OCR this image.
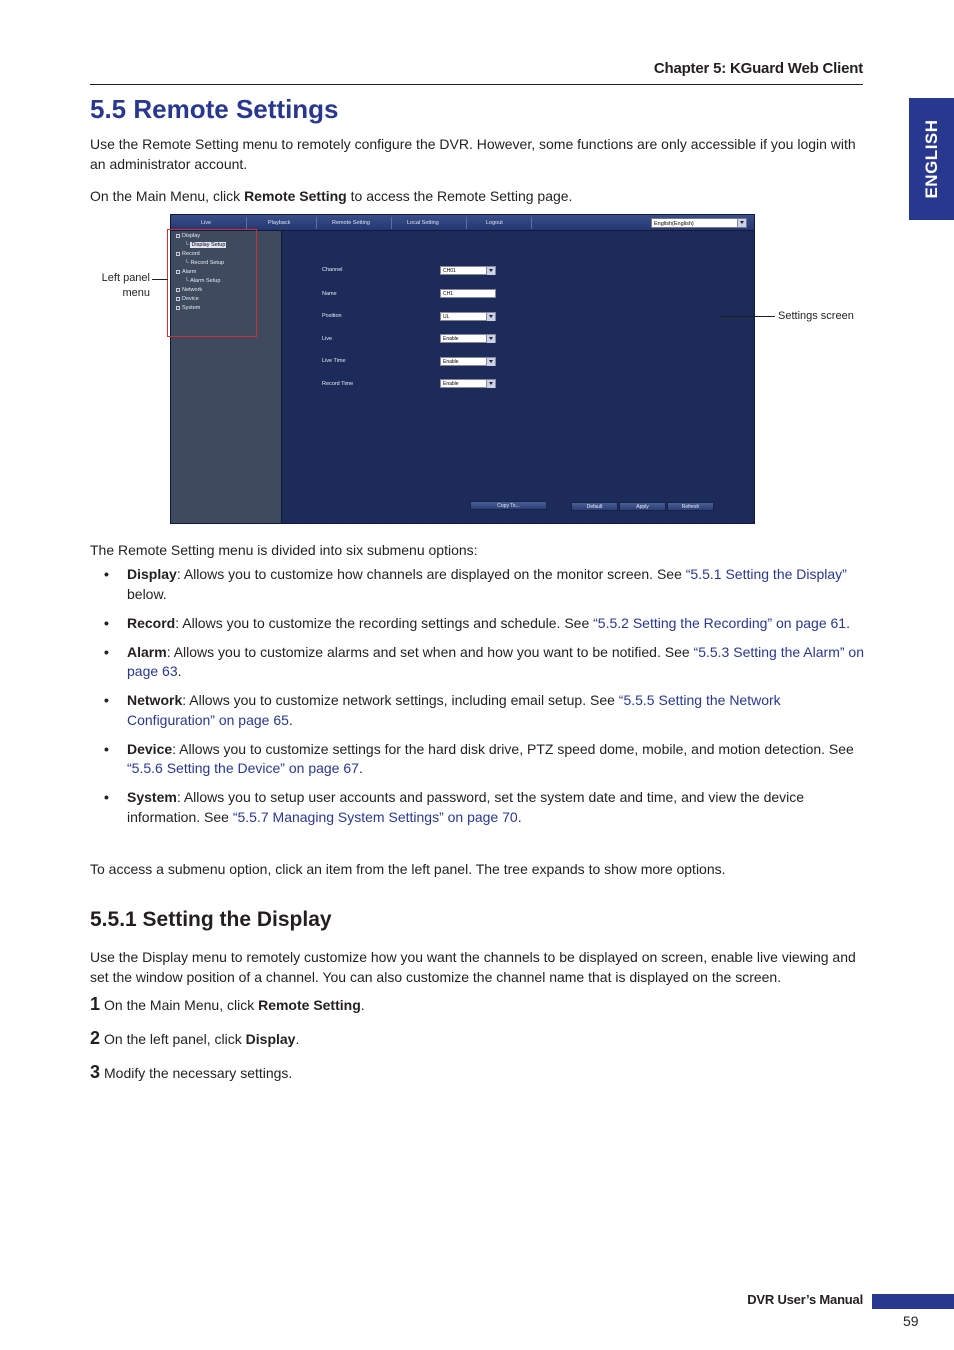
Chapter 5: KGuard Web Client
ENGLISH
5.5 Remote Settings
Use the Remote Setting menu to remotely configure the DVR. However, some functions are only accessible if you login with an administrator account.
On the Main Menu, click Remote Setting to access the Remote Setting page.
Live	Playback	Remote Setting	Local Setting	Logout	English(English)
Display
└ Display Setup
Record
└ Record Setup
Alarm
└ Alarm Setup
Network
Device
System
Channel	CH01
Name	CH1
Position	UL
Live	Enable
Live Time	Enable
Record Time	Enable
Copy To...	Default	Apply	Refresh
Left panel menu
Settings screen
The Remote Setting menu is divided into six submenu options:
• Display: Allows you to customize how channels are displayed on the monitor screen. See “5.5.1 Setting the Display” below.
• Record: Allows you to customize the recording settings and schedule. See “5.5.2 Setting the Recording” on page 61.
• Alarm: Allows you to customize alarms and set when and how you want to be notified. See “5.5.3 Setting the Alarm” on page 63.
• Network: Allows you to customize network settings, including email setup. See “5.5.5 Setting the Network Configuration” on page 65.
• Device: Allows you to customize settings for the hard disk drive, PTZ speed dome, mobile, and motion detection. See “5.5.6 Setting the Device” on page 67.
• System: Allows you to setup user accounts and password, set the system date and time, and view the device information. See “5.5.7 Managing System Settings” on page 70.
To access a submenu option, click an item from the left panel. The tree expands to show more options.
5.5.1 Setting the Display
Use the Display menu to remotely customize how you want the channels to be displayed on screen, enable live viewing and set the window position of a channel. You can also customize the channel name that is displayed on the screen.
1 On the Main Menu, click Remote Setting.
2 On the left panel, click Display.
3 Modify the necessary settings.
DVR User’s Manual
59
